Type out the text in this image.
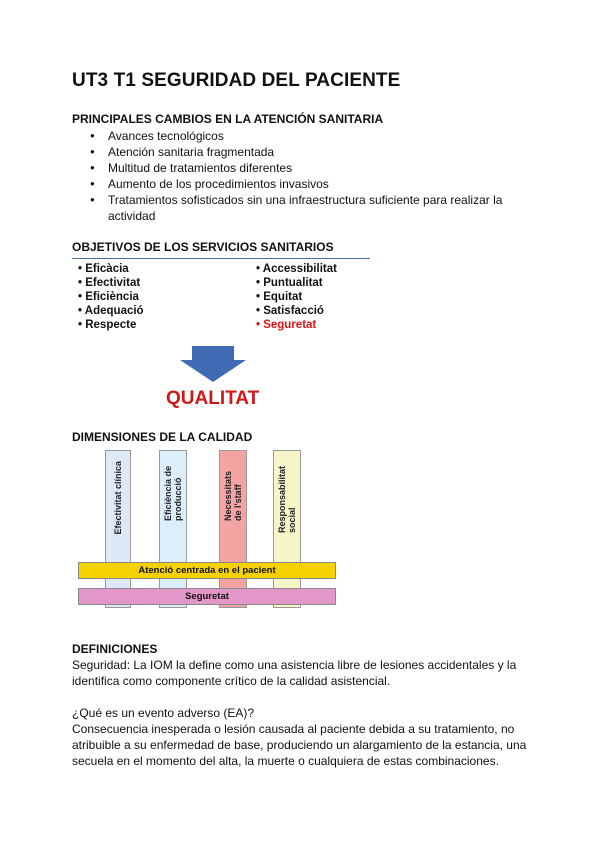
UT3 T1 SEGURIDAD DEL PACIENTE
PRINCIPALES CAMBIOS EN LA ATENCIÓN SANITARIA
● Avances tecnológicos
● Atención sanitaria fragmentada
● Multitud de tratamientos diferentes
● Aumento de los procedimientos invasivos
● Tratamientos sofisticados sin una infraestructura suficiente para realizar la actividad
OBJETIVOS DE LOS SERVICIOS SANITARIOS
• Eficàcia
• Efectivitat
• Eficiència
• Adequació
• Respecte
• Accessibilitat
• Puntualitat
• Equitat
• Satisfacció
• Seguretat
QUALITAT
DIMENSIONES DE LA CALIDAD
Efectivitat clínica	Eficiència de producció	Necessitats de l'staff	Responsabilitat social
Atenció centrada en el pacient
Seguretat
DEFINICIONES
Seguridad: La IOM la define como una asistencia libre de lesiones accidentales y la identifica como componente crítico de la calidad asistencial.
¿Qué es un evento adverso (EA)?
Consecuencia inesperada o lesión causada al paciente debida a su tratamiento, no atribuible a su enfermedad de base, produciendo un alargamiento de la estancia, una secuela en el momento del alta, la muerte o cualquiera de estas combinaciones.
